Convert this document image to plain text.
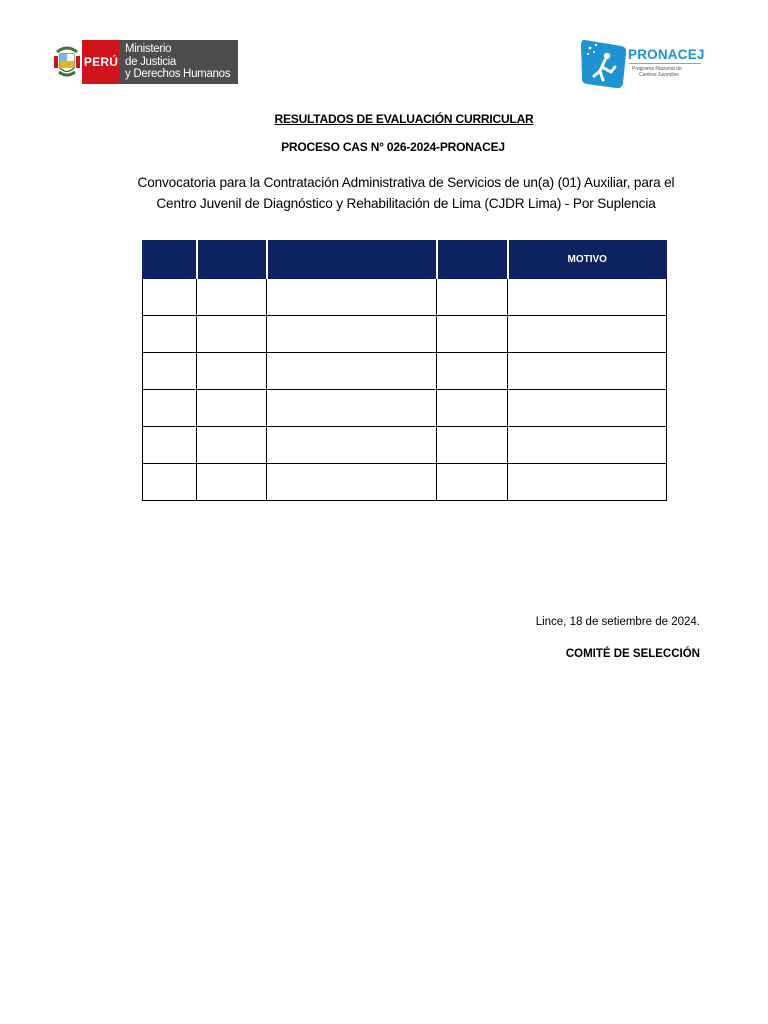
PERÚ
Ministerio
de Justicia
y Derechos Humanos
PRONACEJ
Programa Nacional de
Centros Juveniles
RESULTADOS DE EVALUACIÓN CURRICULAR
PROCESO CAS N° 026-2024-PRONACEJ
Convocatoria para la Contratación Administrativa de Servicios de un(a) (01) Auxiliar, para el
Centro Juvenil de Diagnóstico y Rehabilitación de Lima (CJDR Lima) - Por Suplencia
				MOTIVO

Lince, 18 de setiembre de 2024.
COMITÉ DE SELECCIÓN
